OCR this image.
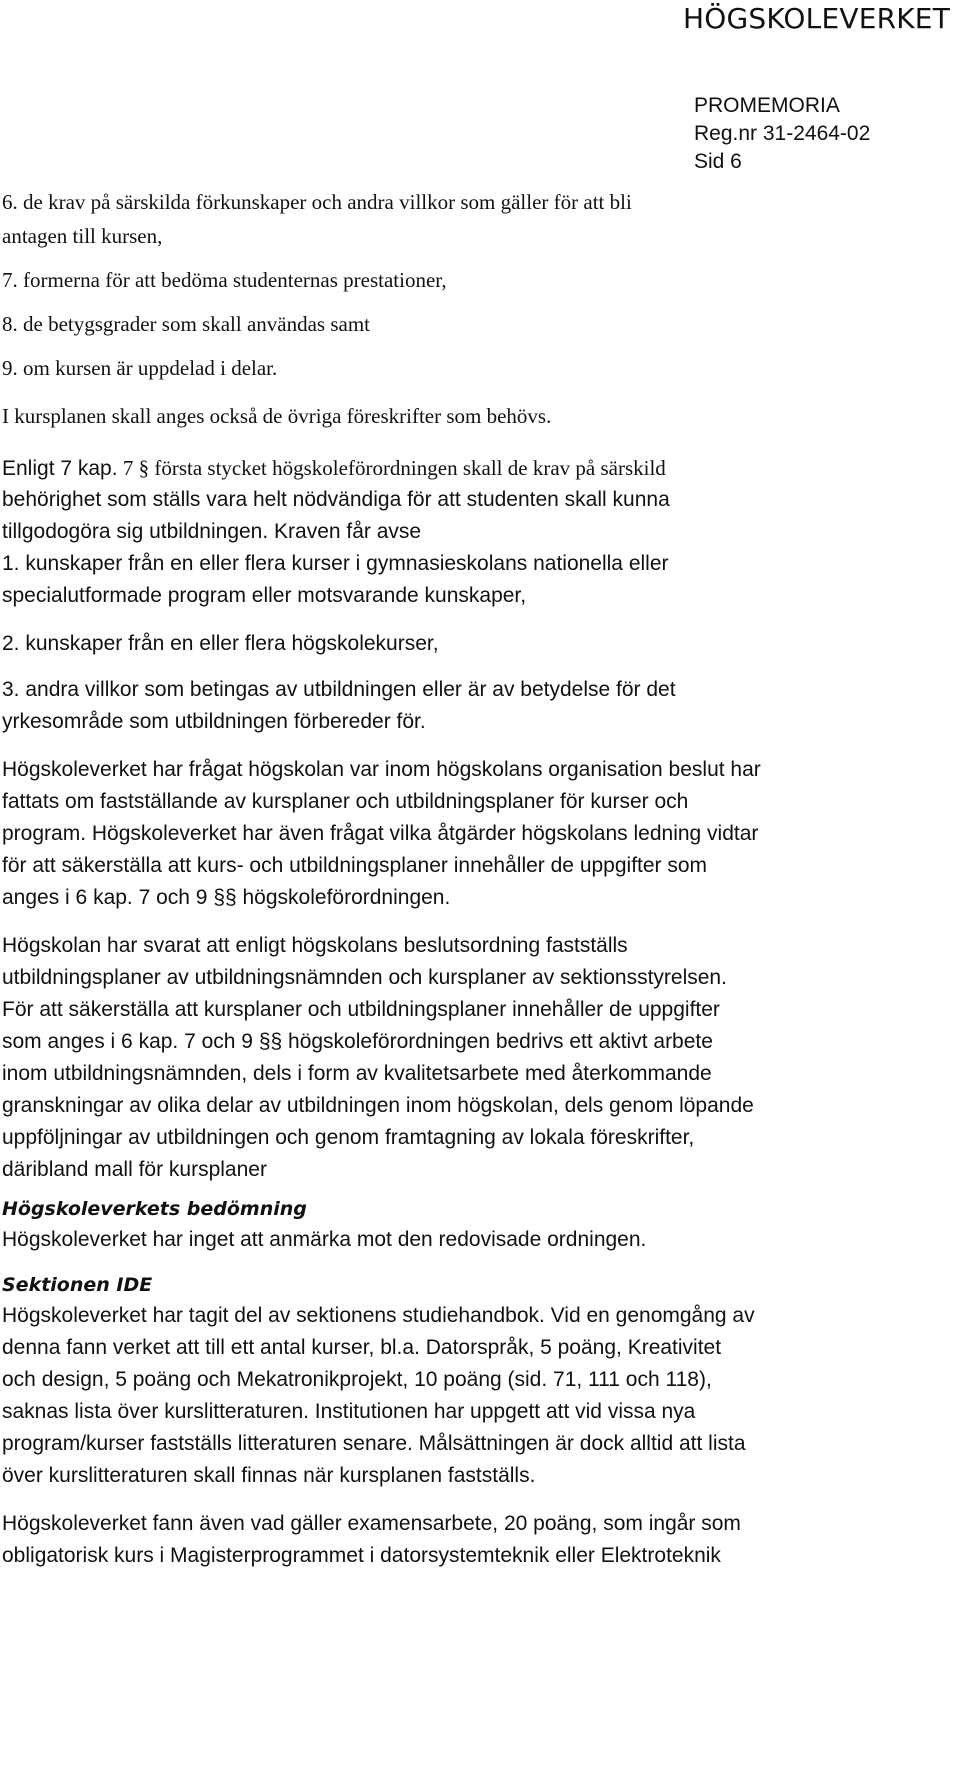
HÖGSKOLEVERKET
PROMEMORIA
Reg.nr 31-2464-02
Sid 6
6. de krav på särskilda förkunskaper och andra villkor som gäller för att bli
antagen till kursen,
7. formerna för att bedöma studenternas prestationer,
8. de betygsgrader som skall användas samt
9. om kursen är uppdelad i delar.
I kursplanen skall anges också de övriga föreskrifter som behövs.
Enligt 7 kap. 7 § första stycket högskoleförordningen skall de krav på särskild
behörighet som ställs vara helt nödvändiga för att studenten skall kunna
tillgodogöra sig utbildningen. Kraven får avse
1. kunskaper från en eller flera kurser i gymnasieskolans nationella eller
specialutformade program eller motsvarande kunskaper,
2. kunskaper från en eller flera högskolekurser,
3. andra villkor som betingas av utbildningen eller är av betydelse för det
yrkesområde som utbildningen förbereder för.
Högskoleverket har frågat högskolan var inom högskolans organisation beslut har
fattats om fastställande av kursplaner och utbildningsplaner för kurser och
program. Högskoleverket har även frågat vilka åtgärder högskolans ledning vidtar
för att säkerställa att kurs- och utbildningsplaner innehåller de uppgifter som
anges i 6 kap. 7 och 9 §§ högskoleförordningen.
Högskolan har svarat att enligt högskolans beslutsordning fastställs
utbildningsplaner av utbildningsnämnden och kursplaner av sektionsstyrelsen.
För att säkerställa att kursplaner och utbildningsplaner innehåller de uppgifter
som anges i 6 kap. 7 och 9 §§ högskoleförordningen bedrivs ett aktivt arbete
inom utbildningsnämnden, dels i form av kvalitetsarbete med återkommande
granskningar av olika delar av utbildningen inom högskolan, dels genom löpande
uppföljningar av utbildningen och genom framtagning av lokala föreskrifter,
däribland mall för kursplaner
Högskoleverkets bedömning
Högskoleverket har inget att anmärka mot den redovisade ordningen.
Sektionen IDE
Högskoleverket har tagit del av sektionens studiehandbok. Vid en genomgång av
denna fann verket att till ett antal kurser, bl.a. Datorspråk, 5 poäng, Kreativitet
och design, 5 poäng och Mekatronikprojekt, 10 poäng (sid. 71, 111 och 118),
saknas lista över kurslitteraturen. Institutionen har uppgett att vid vissa nya
program/kurser fastställs litteraturen senare. Målsättningen är dock alltid att lista
över kurslitteraturen skall finnas när kursplanen fastställs.
Högskoleverket fann även vad gäller examensarbete, 20 poäng, som ingår som
obligatorisk kurs i Magisterprogrammet i datorsystemteknik eller Elektroteknik
